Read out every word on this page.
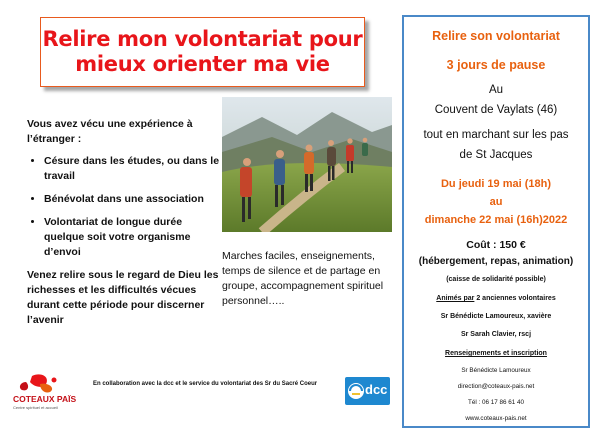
Relire mon volontariat pour
mieux orienter ma vie

Vous avez vécu une expérience à l’étranger :

• Césure dans les études, ou dans le travail
• Bénévolat dans une association
• Volontariat de longue durée quelque soit votre organisme d’envoi

Venez relire sous le regard de Dieu les richesses et les difficultés vécues durant cette période pour discerner l’avenir

Marches faciles, enseignements, temps de silence et de partage en groupe, accompagnement spirituel personnel…..

Relire son volontariat

3 jours de pause

Au

Couvent de Vaylats (46)

tout en marchant sur les pas

de St Jacques

Du jeudi 19 mai (18h)

au

dimanche 22 mai (16h)2022

Coût : 150 €

(hébergement, repas, animation)

(caisse de solidarité possible)

Animés par 2 anciennes volontaires

Sr Bénédicte Lamoureux, xavière

Sr Sarah Clavier, rscj

Renseignements et inscription

Sr Bénédicte Lamoureux

direction@coteaux-pais.net

Tél : 06 17 86 61 40

www.coteaux-pais.net

COTEAUX PAÏS
Centre spirituel et accueil
En collaboration avec la dcc et le service du volontariat des Sr du Sacré Coeur	dcc
